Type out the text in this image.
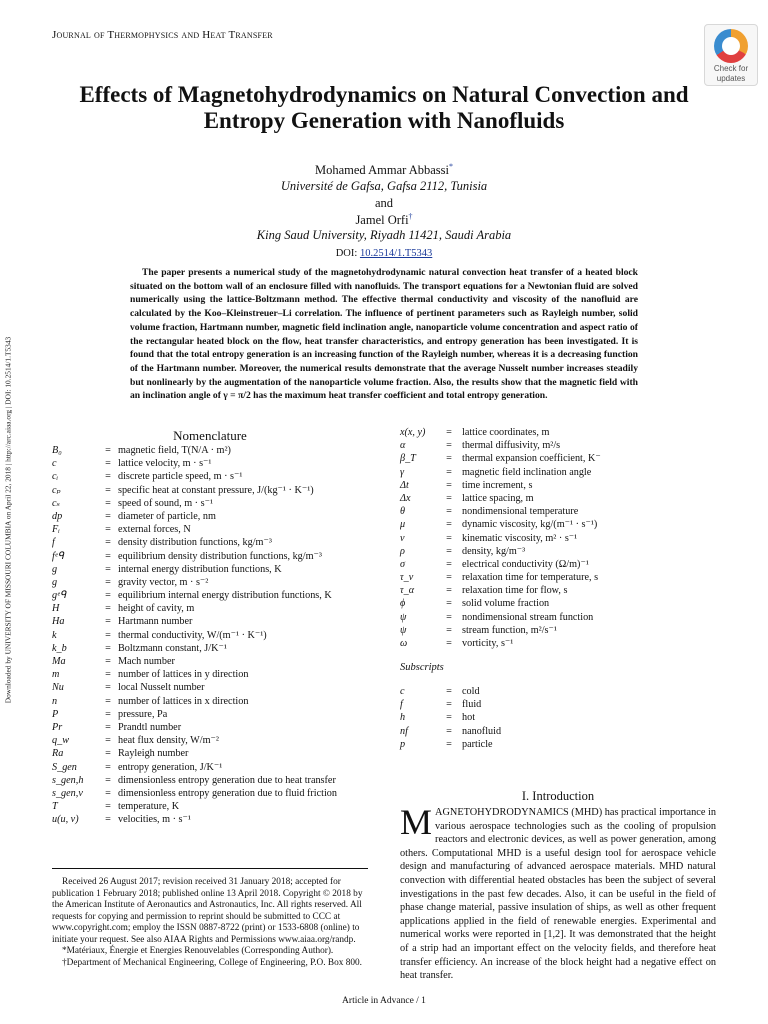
Journal of Thermophysics and Heat Transfer
Check for
updates
Effects of Magnetohydrodynamics on Natural Convection and
Entropy Generation with Nanofluids
Mohamed Ammar Abbassi*
Université de Gafsa, Gafsa 2112, Tunisia
and
Jamel Orfi†
King Saud University, Riyadh 11421, Saudi Arabia
DOI: 10.2514/1.T5343
The paper presents a numerical study of the magnetohydrodynamic natural convection heat transfer of a heated block situated on the bottom wall of an enclosure filled with nanofluids. The transport equations for a Newtonian fluid are solved numerically using the lattice-Boltzmann method. The effective thermal conductivity and viscosity of the nanofluid are calculated by the Koo–Kleinstreuer–Li correlation. The influence of pertinent parameters such as Rayleigh number, solid volume fraction, Hartmann number, magnetic field inclination angle, nanoparticle volume concentration and aspect ratio of the rectangular heated block on the flow, heat transfer characteristics, and entropy generation has been investigated. It is found that the total entropy generation is an increasing function of the Rayleigh number, whereas it is a decreasing function of the Hartmann number. Moreover, the numerical results demonstrate that the average Nusselt number increases steadily but nonlinearly by the augmentation of the nanoparticle volume fraction. Also, the results show that the magnetic field with an inclination angle of γ = π/2 has the maximum heat transfer coefficient and total entropy generation.
Downloaded by UNIVERSITY OF MISSOURI COLUMBIA on April 22, 2018 | http://arc.aiaa.org | DOI: 10.2514/1.T5343	Nomenclature
B₀	= magnetic field, T(N/A · m²)
c	= lattice velocity, m · s⁻¹
cᵢ	= discrete particle speed, m · s⁻¹
cₚ	= specific heat at constant pressure, J/(kg⁻¹ · K⁻¹)
cₛ	= speed of sound, m · s⁻¹
dp	= diameter of particle, nm
Fᵢ	= external forces, N
f	= density distribution functions, kg/m⁻³
fᵉᑫ	= equilibrium density distribution functions, kg/m⁻³
g	= internal energy distribution functions, K
g	= gravity vector, m · s⁻²
gᵉᑫ	= equilibrium internal energy distribution functions, K
H	= height of cavity, m
Ha	= Hartmann number
k	= thermal conductivity, W/(m⁻¹ · K⁻¹)
k_b	= Boltzmann constant, J/K⁻¹
Ma	= Mach number
m	= number of lattices in y direction
Nu	= local Nusselt number
n	= number of lattices in x direction
P	= pressure, Pa
Pr	= Prandtl number
q_w	= heat flux density, W/m⁻²
Ra	= Rayleigh number
S_gen	= entropy generation, J/K⁻¹
s_gen,h	= dimensionless entropy generation due to heat transfer
s_gen,v	= dimensionless entropy generation due to fluid friction
T	= temperature, K
u(u, v)	= velocities, m · s⁻¹
x(x, y)	= lattice coordinates, m
α	= thermal diffusivity, m²/s
β_T	= thermal expansion coefficient, K⁻
γ	= magnetic field inclination angle
Δt	= time increment, s
Δx	= lattice spacing, m
θ	= nondimensional temperature
μ	= dynamic viscosity, kg/(m⁻¹ · s⁻¹)
ν	= kinematic viscosity, m² · s⁻¹
ρ	= density, kg/m⁻³
σ	= electrical conductivity (Ω/m)⁻¹
τ_ν	= relaxation time for temperature, s
τ_α	= relaxation time for flow, s
ϕ	= solid volume fraction
ψ	= nondimensional stream function
ψ	= stream function, m²/s⁻¹
ω	= vorticity, s⁻¹
Subscripts
c	= cold
f	= fluid
h	= hot
nf	= nanofluid
p	= particle

Received 26 August 2017; revision received 31 January 2018; accepted for publication 1 February 2018; published online 13 April 2018. Copyright © 2018 by the American Institute of Aeronautics and Astronautics, Inc. All rights reserved. All requests for copying and permission to reprint should be submitted to CCC at www.copyright.com; employ the ISSN 0887-8722 (print) or 1533-6808 (online) to initiate your request. See also AIAA Rights and Permissions www.aiaa.org/randp.

*Matériaux, Énergie et Energies Renouvelables (Corresponding Author).

†Department of Mechanical Engineering, College of Engineering, P.O. Box 800.

I. Introduction
MAGNETOHYDRODYNAMICS (MHD) has practical importance in various aerospace technologies such as the cooling of propulsion reactors and electronic devices, as well as power generation, among others. Computational MHD is a useful design tool for aerospace vehicle design and manufacturing of advanced aerospace materials. MHD natural convection with differential heated obstacles has been the subject of several investigations in the past few decades. Also, it can be useful in the field of phase change material, passive insulation of ships, as well as other frequent applications applied in the field of renewable energies. Experimental and numerical works were reported in [1,2]. It was demonstrated that the height of a strip had an important effect on the velocity fields, and therefore heat transfer efficiency. An increase of the block height had a negative effect on heat transfer.
Article in Advance / 1
